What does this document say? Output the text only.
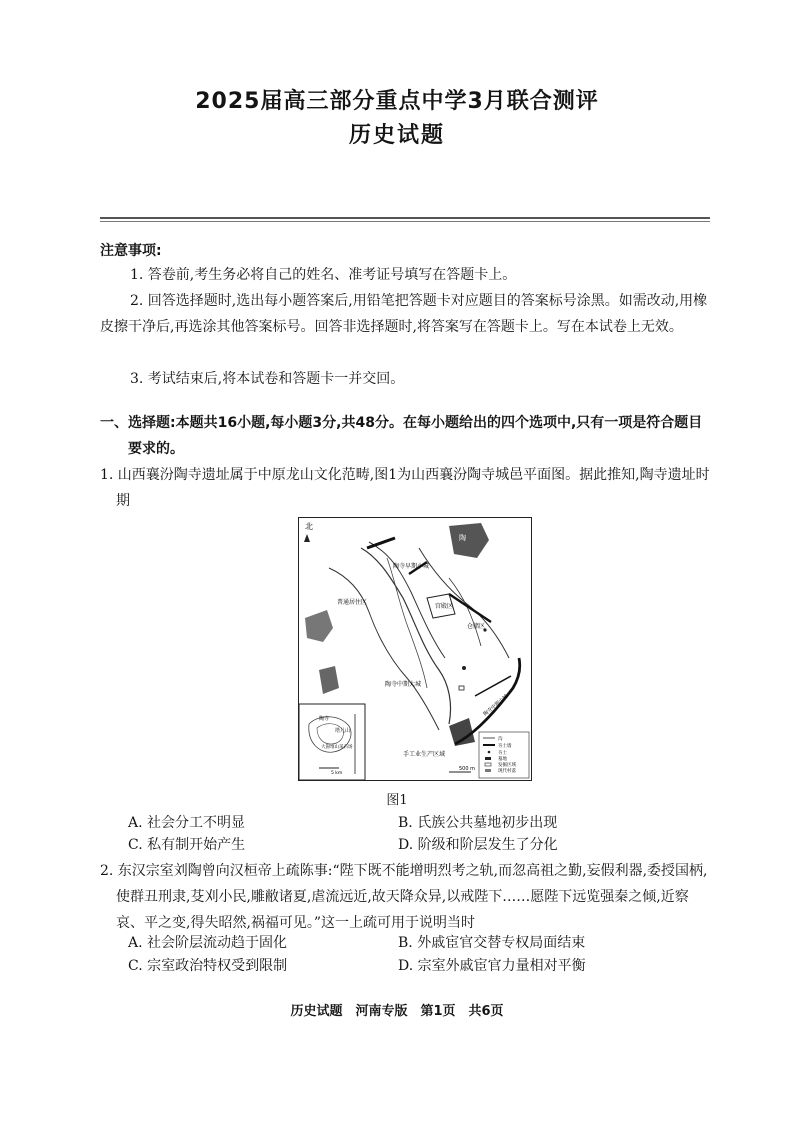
2025届高三部分重点中学3月联合测评
历史试题
注意事项:
1. 答卷前,考生务必将自己的姓名、准考证号填写在答题卡上。
2. 回答选择题时,选出每小题答案后,用铅笔把答题卡对应题目的答案标号涂黑。如需改动,用橡皮擦干净后,再选涂其他答案标号。回答非选择题时,将答案写在答题卡上。写在本试卷上无效。
3. 考试结束后,将本试卷和答题卡一并交回。
一、选择题:本题共16小题,每小题3分,共48分。在每小题给出的四个选项中,只有一项是符合题目要求的。
1. 山西襄汾陶寺遗址属于中原龙山文化范畴,图1为山西襄汾陶寺城邑平面图。据此推知,陶寺遗址时期
北
陶
陶寺早期小城
普通居住区
宫殿区
仓储区
陶寺中期大城
陶寺中期小城
手工业生产区域
陶寺
塔儿山
大崮堆山采石场
5 km
500 m
沟
夯土墙
夯土
墓地
发掘区域
现代村落
图1
A. 社会分工不明显	B. 氏族公共墓地初步出现
C. 私有制开始产生	D. 阶级和阶层发生了分化
2. 东汉宗室刘陶曾向汉桓帝上疏陈事:“陛下既不能增明烈考之轨,而忽高祖之勤,妄假利器,委授国柄,使群丑刑隶,芟刈小民,雕敝诸夏,虐流远近,故天降众异,以戒陛下……愿陛下远览强秦之倾,近察哀、平之变,得失昭然,祸福可见。”这一上疏可用于说明当时
A. 社会阶层流动趋于固化	B. 外戚宦官交替专权局面结束
C. 宗室政治特权受到限制	D. 宗室外戚宦官力量相对平衡
历史试题　河南专版　第1页　共6页
